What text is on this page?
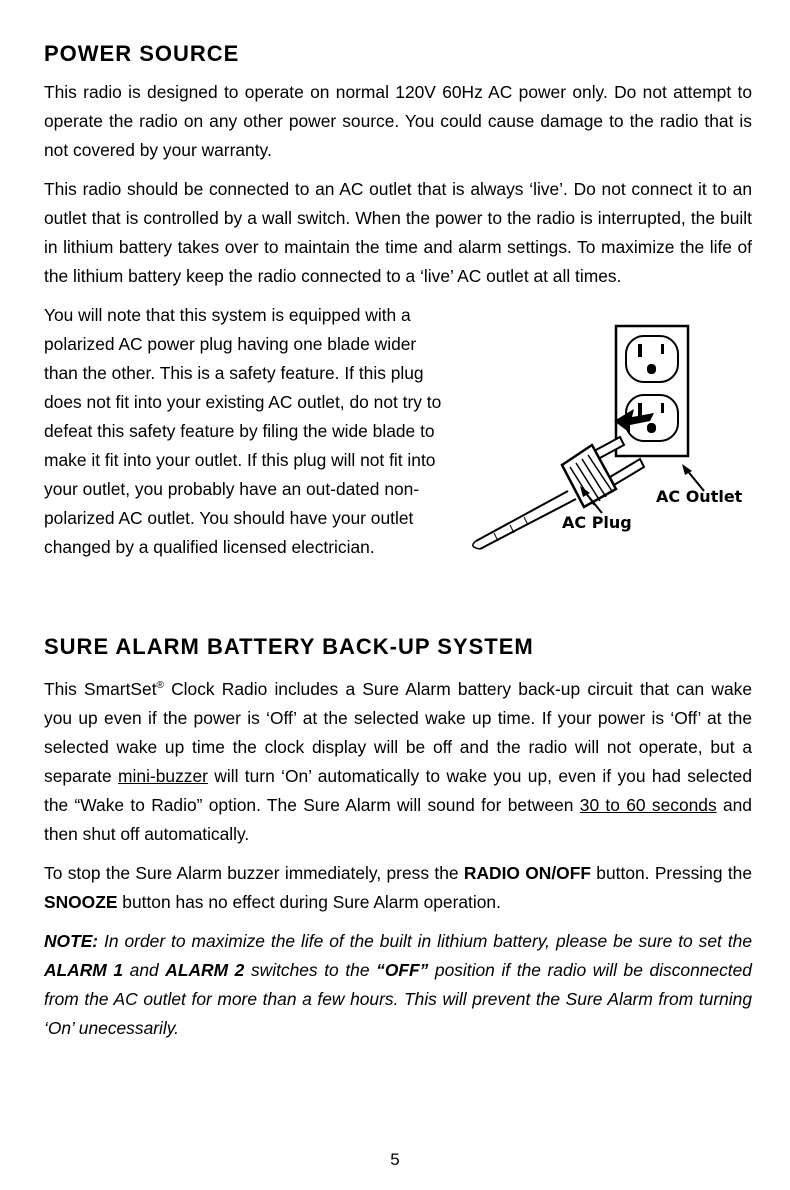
POWER SOURCE

This radio is designed to operate on normal 120V 60Hz AC power only. Do not attempt to operate the radio on any other power source. You could cause damage to the radio that is not covered by your warranty.

This radio should be connected to an AC outlet that is always ‘live’. Do not connect it to an outlet that is controlled by a wall switch. When the power to the radio is interrupted, the built in lithium battery takes over to maintain the time and alarm settings. To maximize the life of the lithium battery keep the radio connected to a ‘live’ AC outlet at all times.

You will note that this system is equipped with a polarized AC power plug having one blade wider than the other. This is a safety feature. If this plug does not fit into your existing AC outlet, do not try to defeat this safety feature by filing the wide blade to make it fit into your outlet. If this plug will not fit into your outlet, you probably have an out-dated non-polarized AC outlet. You should have your outlet changed by a qualified licensed electrician.

AC Outlet
AC Plug
SURE ALARM BATTERY BACK-UP SYSTEM

This SmartSet® Clock Radio includes a Sure Alarm battery back-up circuit that can wake you up even if the power is ‘Off’ at the selected wake up time. If your power is ‘Off’ at the selected wake up time the clock display will be off and the radio will not operate, but a separate mini-buzzer will turn ‘On’ automatically to wake you up, even if you had selected the “Wake to Radio” option. The Sure Alarm will sound for between 30 to 60 seconds and then shut off automatically.

To stop the Sure Alarm buzzer immediately, press the RADIO ON/OFF button. Pressing the SNOOZE button has no effect during Sure Alarm operation.

NOTE: In order to maximize the life of the built in lithium battery, please be sure to set the ALARM 1 and ALARM 2 switches to the “OFF” position if the radio will be disconnected from the AC outlet for more than a few hours. This will prevent the Sure Alarm from turning ‘On’ unecessarily.

5
